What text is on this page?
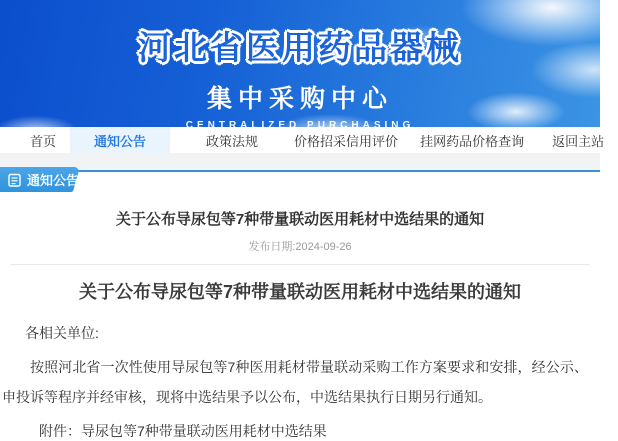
河北省医用药品器械
集中采购中心
CENTRALIZED PURCHASING
首页	通知公告	政策法规	价格招采信用评价	挂网药品价格查询	返回主站
通知公告
关于公布导尿包等7种带量联动医用耗材中选结果的通知
发布日期:2024-09-26
关于公布导尿包等7种带量联动医用耗材中选结果的通知
各相关单位:
按照河北省一次性使用导尿包等7种医用耗材带量联动采购工作方案要求和安排，经公示、申投诉等程序并经审核，现将中选结果予以公布，中选结果执行日期另行通知。
附件：导尿包等7种带量联动医用耗材中选结果
